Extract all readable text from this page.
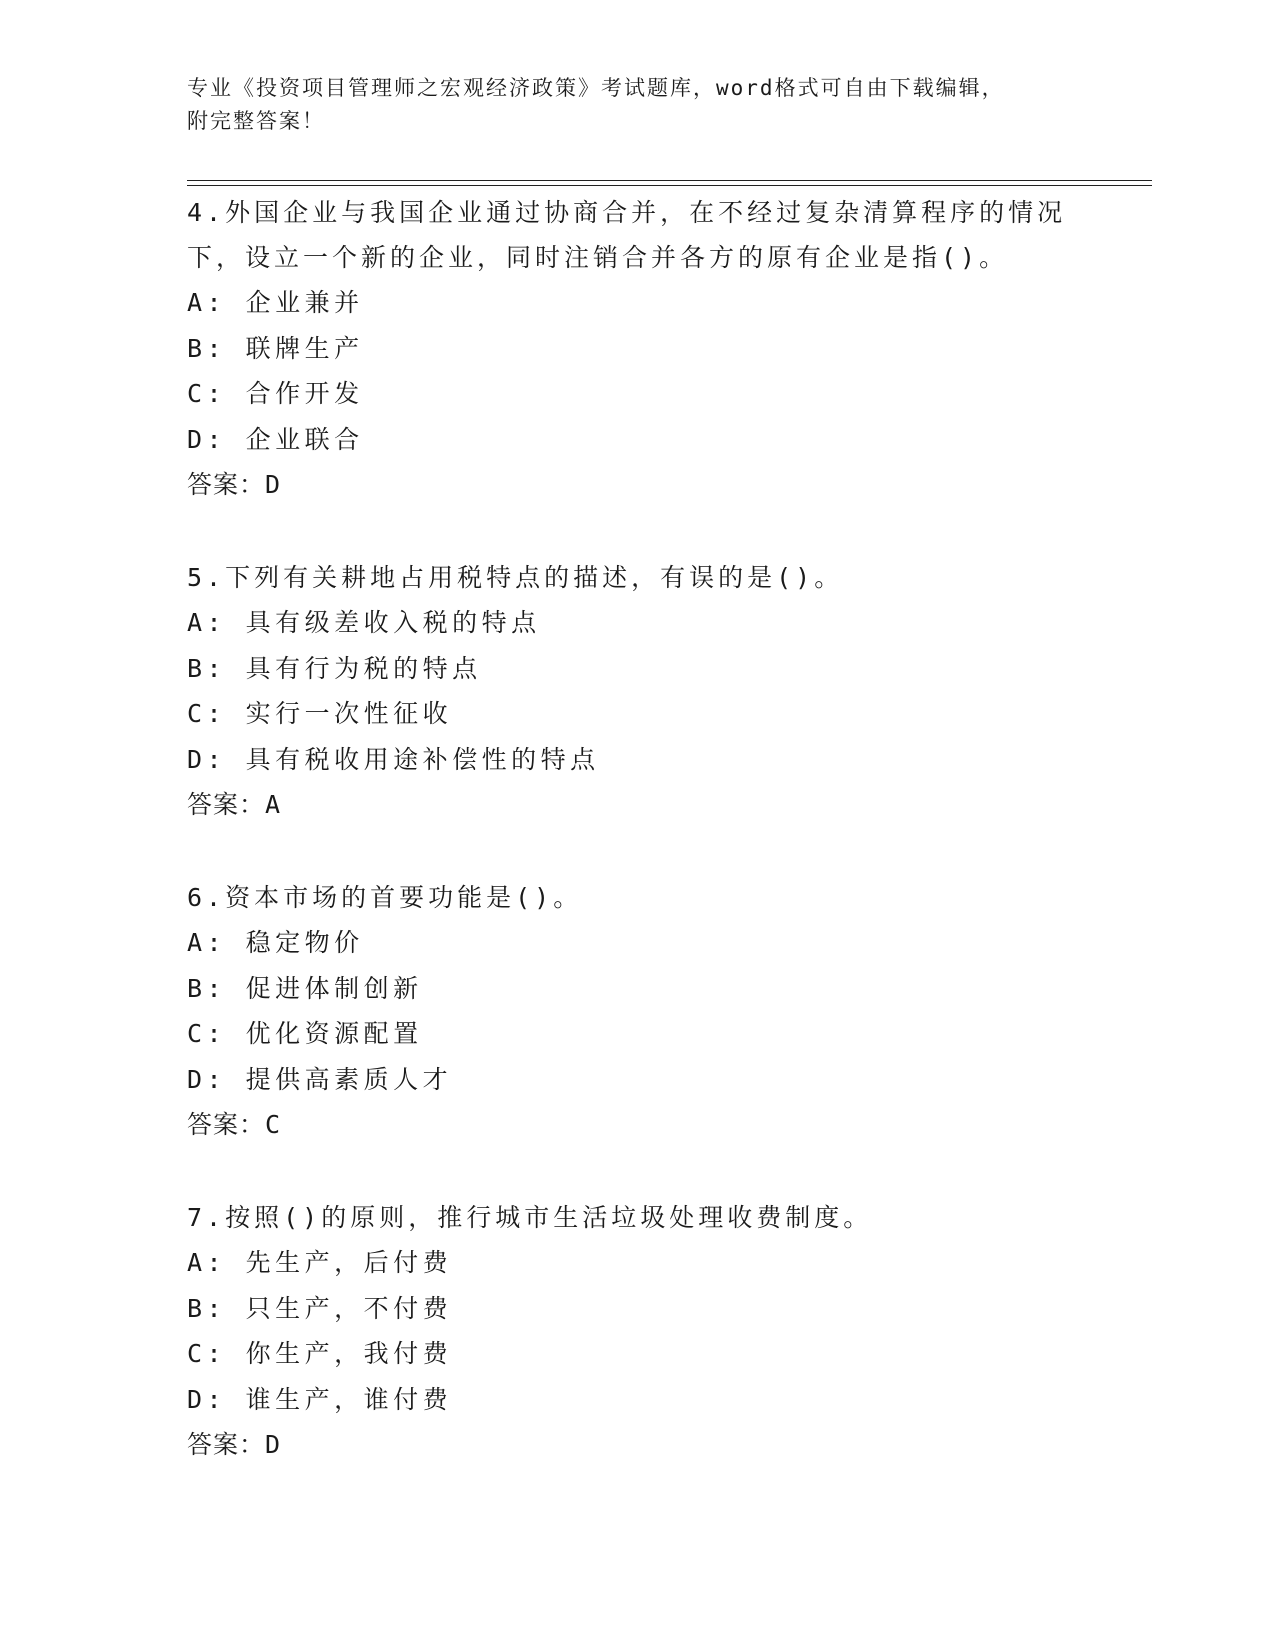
专业《投资项目管理师之宏观经济政策》考试题库，word格式可自由下载编辑，
附完整答案！
4.外国企业与我国企业通过协商合并，在不经过复杂清算程序的情况下，设立一个新的企业，同时注销合并各方的原有企业是指()。
A: 企业兼并
B: 联牌生产
C: 合作开发
D: 企业联合
答案：D
5.下列有关耕地占用税特点的描述，有误的是()。
A: 具有级差收入税的特点
B: 具有行为税的特点
C: 实行一次性征收
D: 具有税收用途补偿性的特点
答案：A
6.资本市场的首要功能是()。
A: 稳定物价
B: 促进体制创新
C: 优化资源配置
D: 提供高素质人才
答案：C
7.按照()的原则，推行城市生活垃圾处理收费制度。
A: 先生产，后付费
B: 只生产，不付费
C: 你生产，我付费
D: 谁生产，谁付费
答案：D
